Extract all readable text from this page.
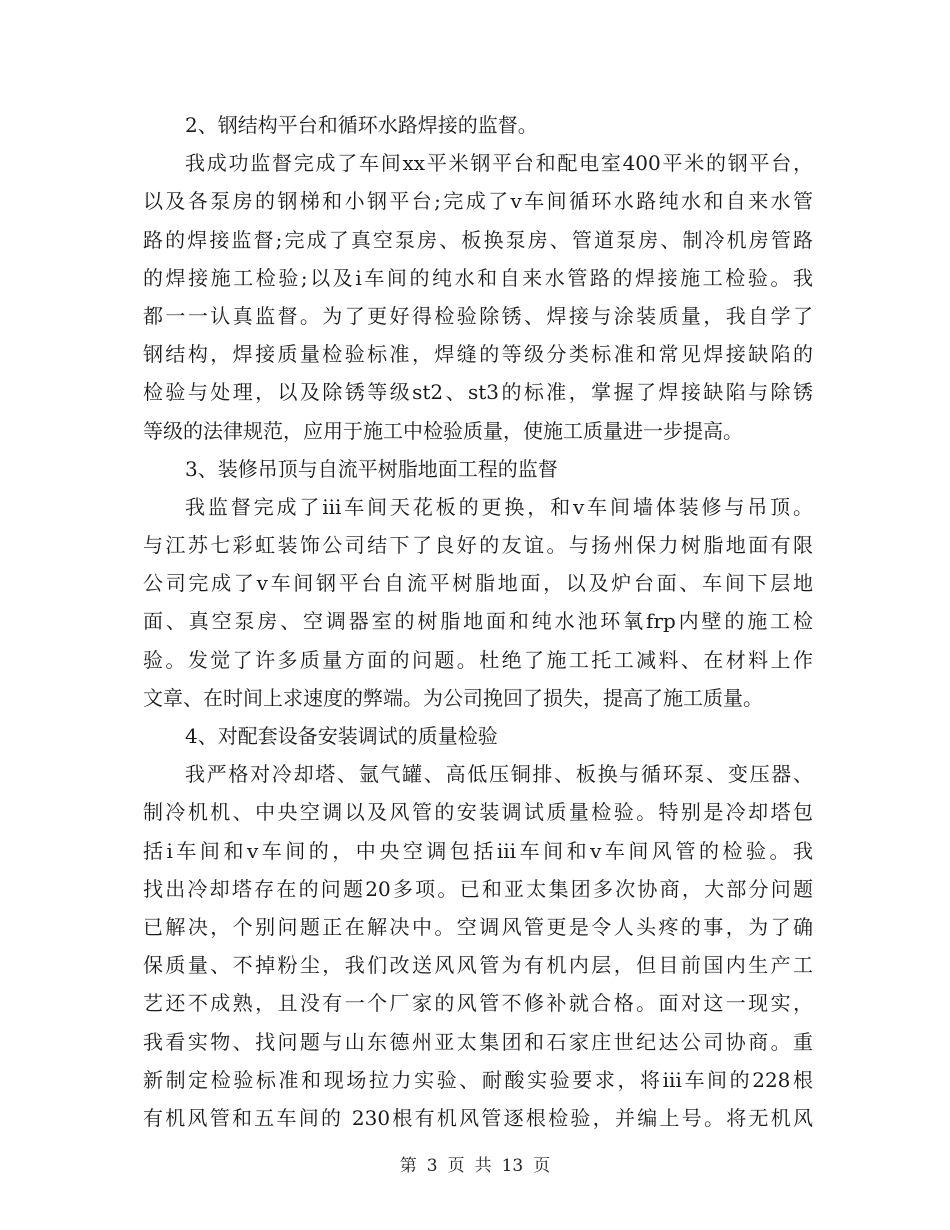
2、钢结构平台和循环水路焊接的监督。
我成功监督完成了车间xx平米钢平台和配电室400平米的钢平台，
以及各泵房的钢梯和小钢平台;完成了v车间循环水路纯水和自来水管
路的焊接监督;完成了真空泵房、板换泵房、管道泵房、制冷机房管路
的焊接施工检验;以及i车间的纯水和自来水管路的焊接施工检验。我
都一一认真监督。为了更好得检验除锈、焊接与涂装质量，我自学了
钢结构，焊接质量检验标准，焊缝的等级分类标准和常见焊接缺陷的
检验与处理，以及除锈等级st2、st3的标准，掌握了焊接缺陷与除锈
等级的法律规范，应用于施工中检验质量，使施工质量进一步提高。
3、装修吊顶与自流平树脂地面工程的监督
我监督完成了iii车间天花板的更换，和v车间墙体装修与吊顶。
与江苏七彩虹装饰公司结下了良好的友谊。与扬州保力树脂地面有限
公司完成了v车间钢平台自流平树脂地面，以及炉台面、车间下层地
面、真空泵房、空调器室的树脂地面和纯水池环氧frp内壁的施工检
验。发觉了许多质量方面的问题。杜绝了施工托工减料、在材料上作
文章、在时间上求速度的弊端。为公司挽回了损失，提高了施工质量。
4、对配套设备安装调试的质量检验
我严格对冷却塔、氩气罐、高低压铜排、板换与循环泵、变压器、
制冷机机、中央空调以及风管的安装调试质量检验。特别是冷却塔包
括i车间和v车间的，中央空调包括iii车间和v车间风管的检验。我
找出冷却塔存在的问题20多项。已和亚太集团多次协商，大部分问题
已解决，个别问题正在解决中。空调风管更是令人头疼的事，为了确
保质量、不掉粉尘，我们改送风风管为有机内层，但目前国内生产工
艺还不成熟，且没有一个厂家的风管不修补就合格。面对这一现实，
我看实物、找问题与山东德州亚太集团和石家庄世纪达公司协商。重
新制定检验标准和现场拉力实验、耐酸实验要求，将iii车间的228根
有机风管和五车间的 230根有机风管逐根检验，并编上号。将无机风
第 3 页 共 13 页
